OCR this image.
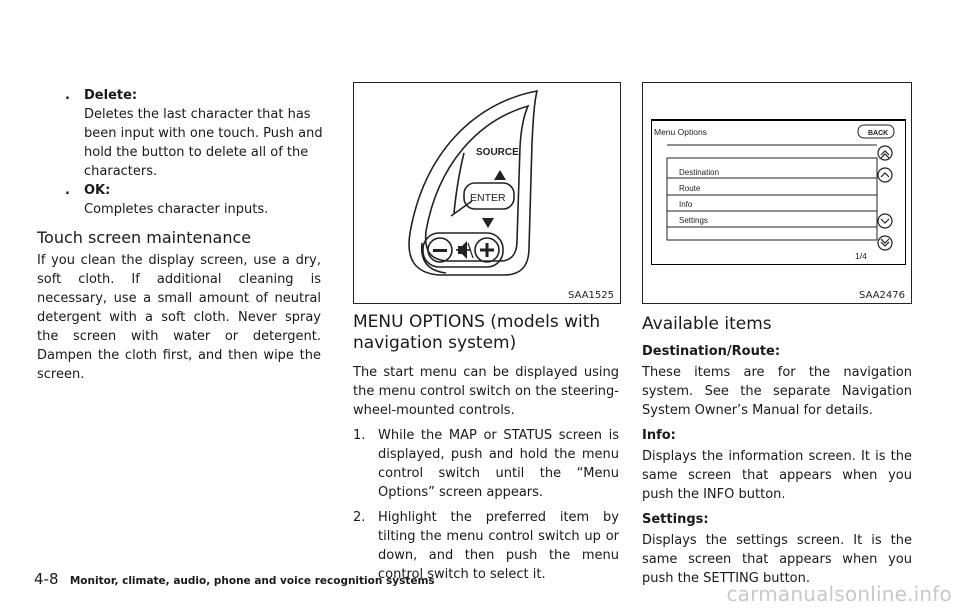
. Delete:

Deletes the last character that has been input with one touch. Push and hold the button to delete all of the characters.

. OK:

Completes character inputs.

Touch screen maintenance

If you clean the display screen, use a dry, soft cloth. If additional cleaning is necessary, use a small amount of neutral detergent with a soft cloth. Never spray the screen with water or detergent. Dampen the cloth first, and then wipe the screen.

SOURCE
ENTER
SAA1525
MENU OPTIONS (models with navigation system)

The start menu can be displayed using the menu control switch on the steering-wheel-mounted controls.

1. While the MAP or STATUS screen is displayed, push and hold the menu control switch until the “Menu Options” screen appears.
2. Highlight the preferred item by tilting the menu control switch up or down, and then push the menu control switch to select it.
Menu Options	BACK
Destination
Route
Info
Settings
1/4
SAA2476
Available items

Destination/Route:

These items are for the navigation system. See the separate Navigation System Owner’s Manual for details.

Info:

Displays the information screen. It is the same screen that appears when you push the INFO button.

Settings:

Displays the settings screen. It is the same screen that appears when you push the SETTING button.

4-8 Monitor, climate, audio, phone and voice recognition systems
carmanualsonline.info
